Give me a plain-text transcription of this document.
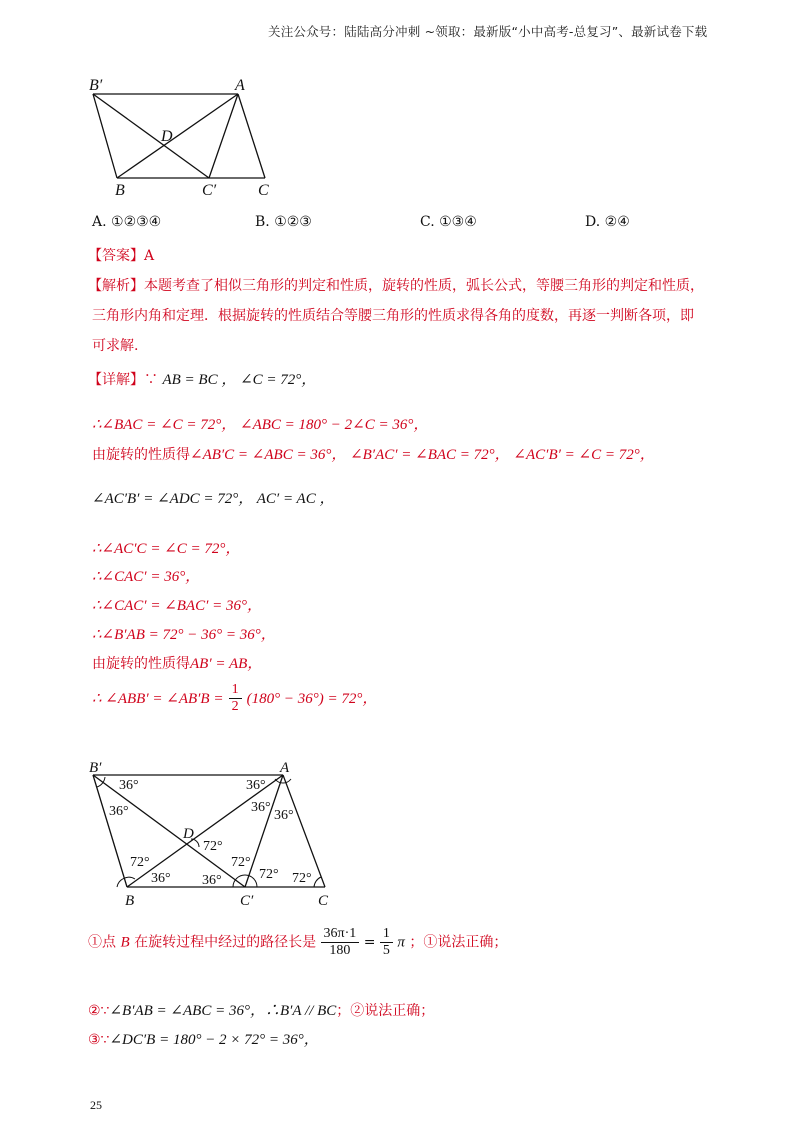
关注公众号：陆陆高分冲刺 ~领取：最新版“小中高考-总复习”、最新试卷下载
B′	A
D
B	C′	C
A. ①②③④	B. ①②③	C. ①③④	D. ②④
【答案】A
【解析】本题考查了相似三角形的判定和性质，旋转的性质，弧长公式，等腰三角形的判定和性质，
三角形内角和定理．根据旋转的性质结合等腰三角形的性质求得各角的度数，再逐一判断各项，即
可求解.
【详解】∵ AB = BC ， ∠C = 72°，
∴∠BAC = ∠C = 72°， ∠ABC = 180° − 2∠C = 36°，
由旋转的性质得∠AB′C = ∠ABC = 36°， ∠B′AC′ = ∠BAC = 72°， ∠AC′B′ = ∠C = 72°，
∠AC′B′ = ∠ADC = 72°， AC′ = AC ，
∴∠AC′C = ∠C = 72°，
∴∠CAC′ = 36°，
∴∠CAC′ = ∠BAC′ = 36°，
∴∠B′AB = 72° − 36° = 36°，
由旋转的性质得AB′ = AB，
∴ ∠ABB′ = ∠AB′B = $\frac{1}{2} (180^\circ - 36^\circ) = 72^\circ$，
B′	A
D
B	C′	C
36°	36°
36°	36°
36°
72°
72°
36° 36°
72°
72° 72°
①点 B 在旋转过程中经过的路径长是 $\frac{36\pi\cdot 1}{180} = \frac{1}{5}$ π ；①说法正确；
②∵∠B′AB = ∠ABC = 36°，∴B′A // BC；②说法正确；
③∵∠DC′B = 180° − 2 × 72° = 36°，
25
